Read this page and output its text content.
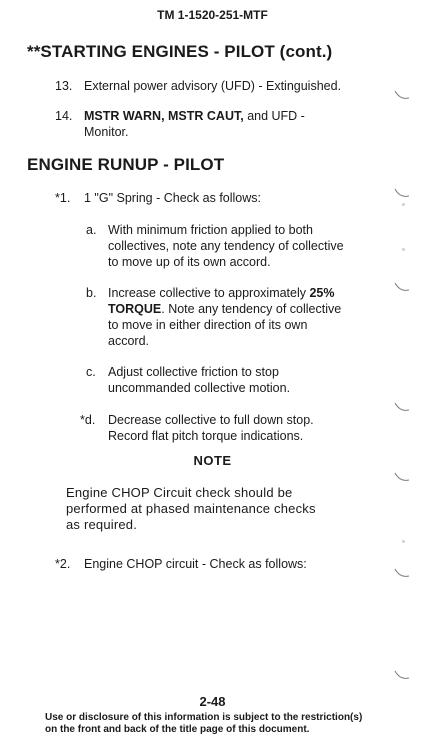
TM 1-1520-251-MTF
**STARTING ENGINES - PILOT (cont.)
13. External power advisory (UFD) - Extinguished.
14. MSTR WARN, MSTR CAUT, and UFD -
Monitor.
ENGINE RUNUP - PILOT
*1. 1 "G" Spring - Check as follows:
a. With minimum friction applied to both
collectives, note any tendency of collective
to move up of its own accord.
b. Increase collective to approximately 25%
TORQUE. Note any tendency of collective
to move in either direction of its own
accord.
c. Adjust collective friction to stop
uncommanded collective motion.
*d. Decrease collective to full down stop.
Record flat pitch torque indications.
NOTE
Engine CHOP Circuit check should be
performed at phased maintenance checks
as required.
*2. Engine CHOP circuit - Check as follows:
2-48
Use or disclosure of this information is subject to the restriction(s)
on the front and back of the title page of this document.
